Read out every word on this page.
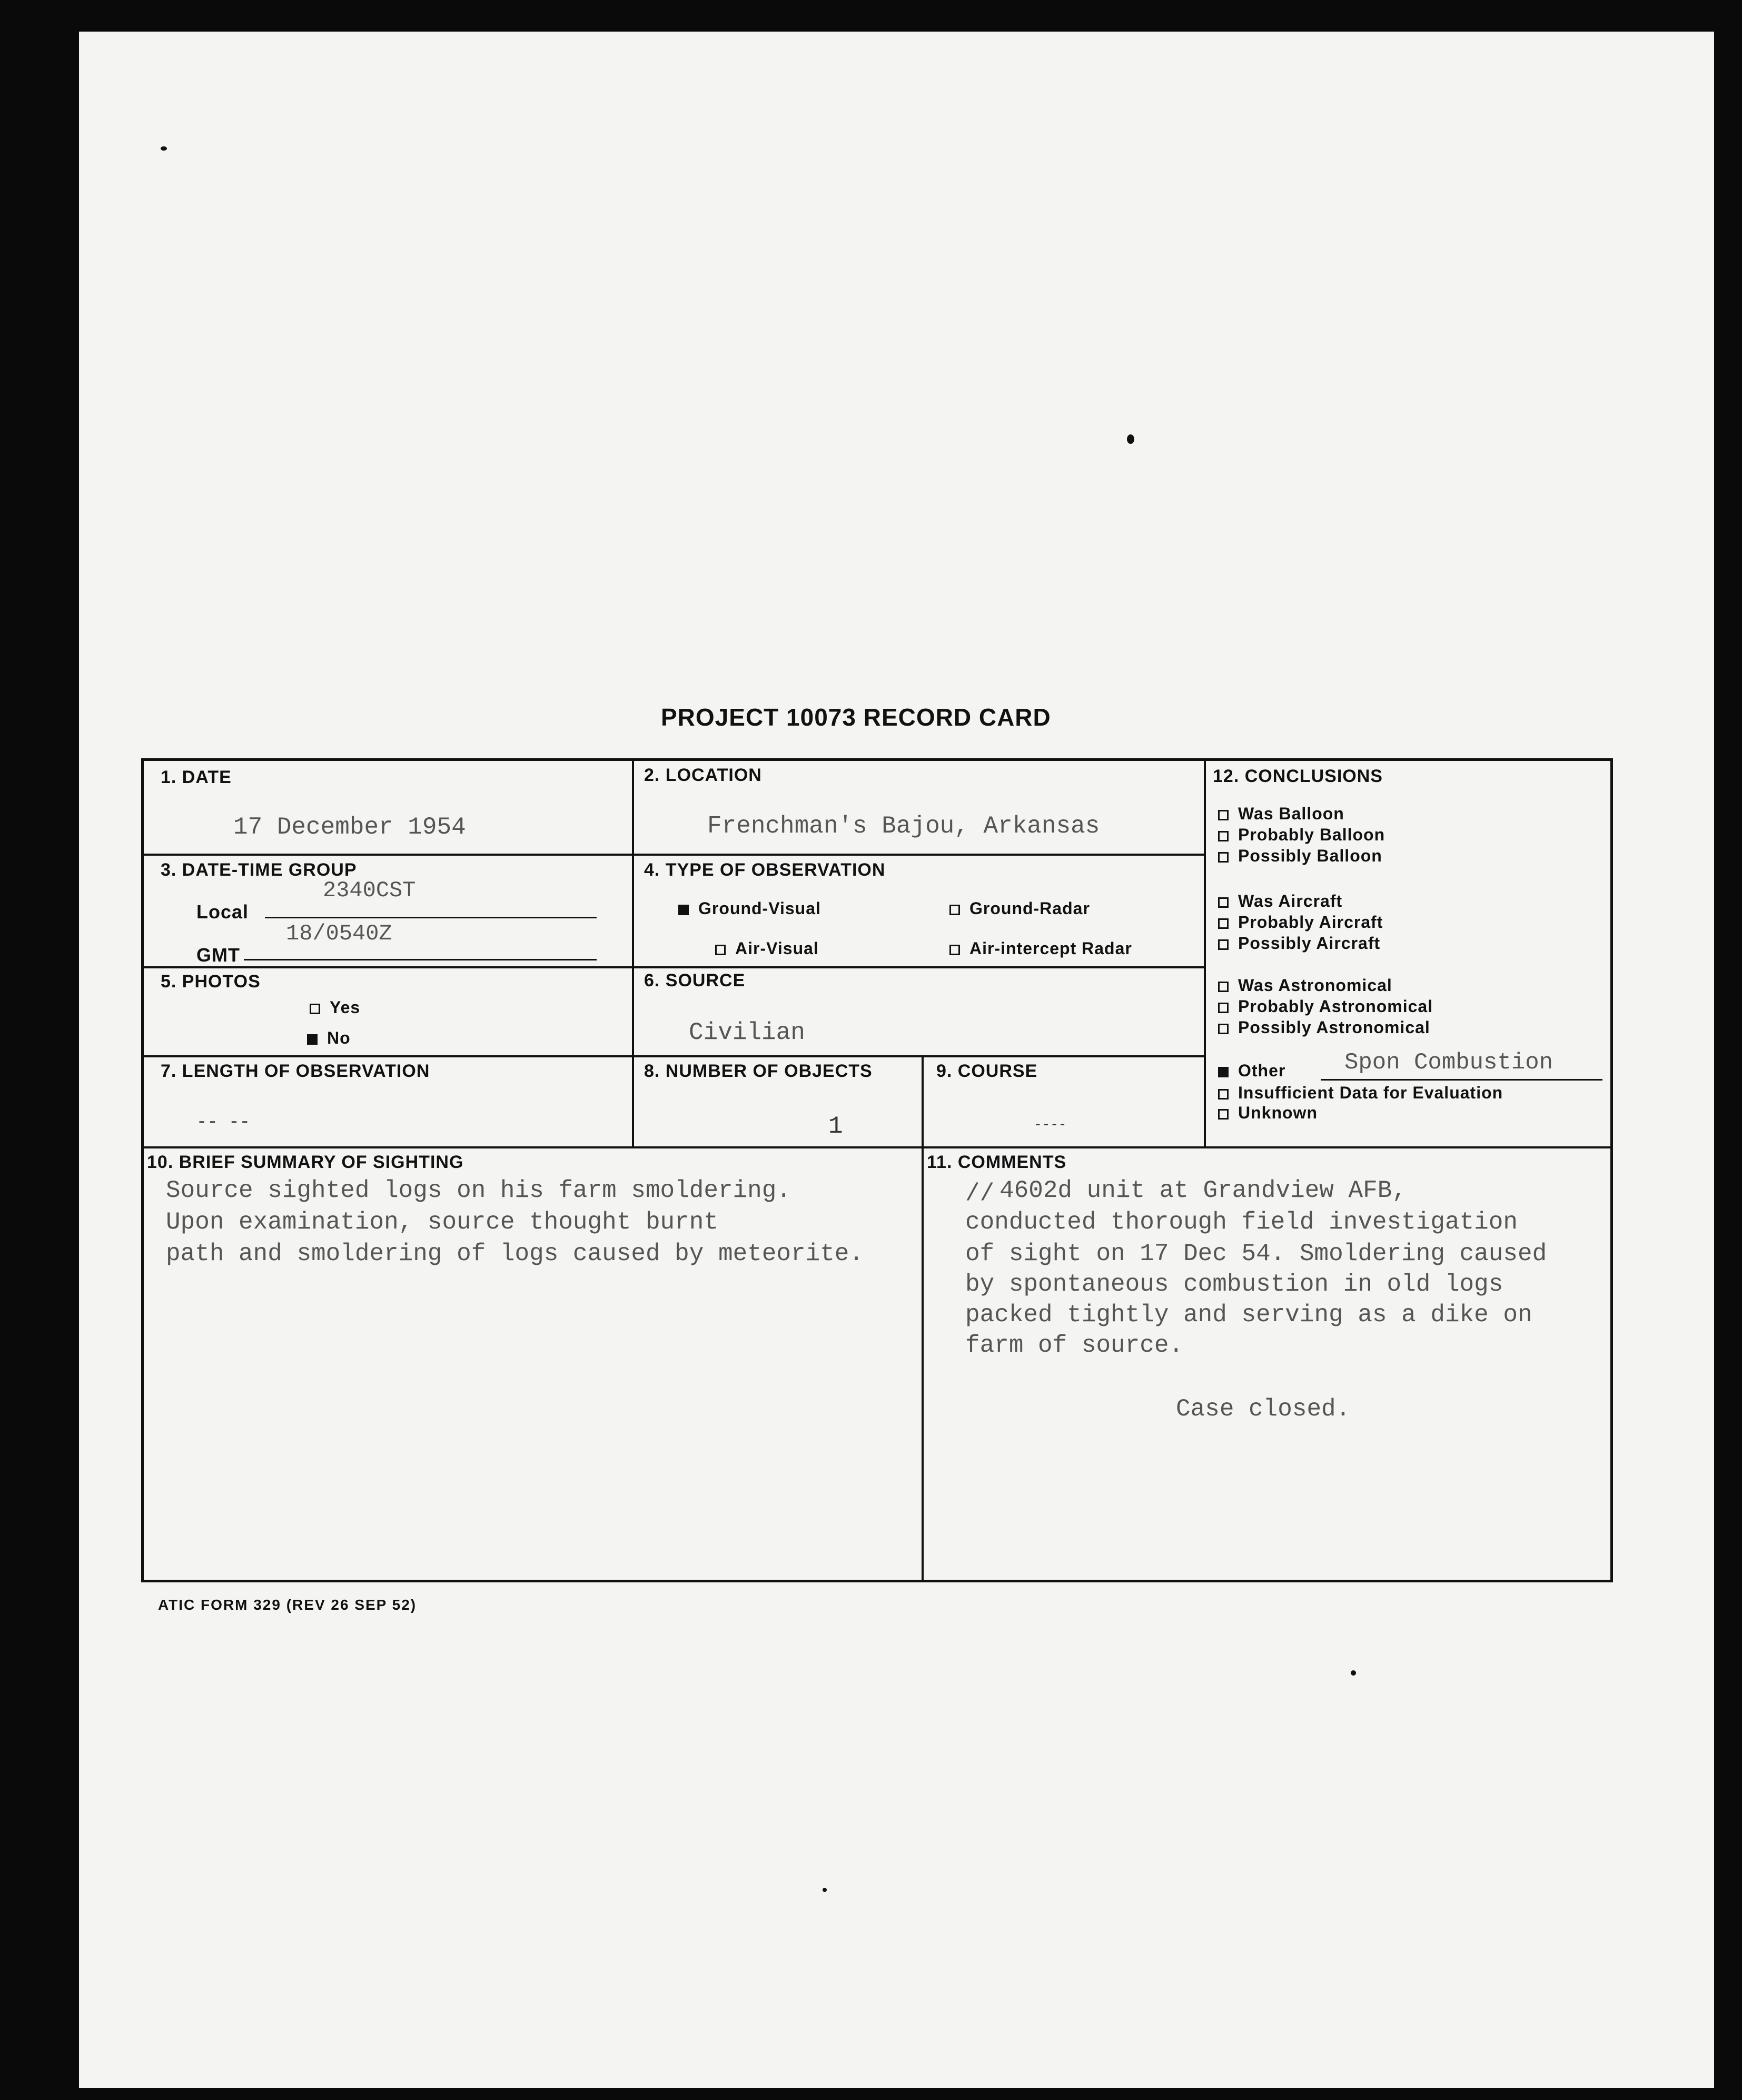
PROJECT 10073 RECORD CARD
1. DATE
17 December 1954
2. LOCATION
Frenchman's Bajou, Arkansas
3. DATE-TIME GROUP
Local
2340CST
GMT
18/0540Z
4. TYPE OF OBSERVATION
Ground-Visual	Ground-Radar
Air-Visual	Air-intercept Radar
5. PHOTOS
Yes
No
6. SOURCE
Civilian
7. LENGTH OF OBSERVATION
-- --
8. NUMBER OF OBJECTS
1
9. COURSE
----
10. BRIEF SUMMARY OF SIGHTING
Source sighted logs on his farm smoldering.
Upon examination, source thought burnt
path and smoldering of logs caused by meteorite.
11. COMMENTS
// 4602d unit at Grandview AFB,
conducted thorough field investigation
of sight on 17 Dec 54. Smoldering caused
by spontaneous combustion in old logs
packed tightly and serving as a dike on
farm of source.
Case closed.
12. CONCLUSIONS
Was Balloon
Probably Balloon
Possibly Balloon
Was Aircraft
Probably Aircraft
Possibly Aircraft
Was Astronomical
Probably Astronomical
Possibly Astronomical
Other	Spon Combustion
Insufficient Data for Evaluation
Unknown
ATIC FORM 329 (REV 26 SEP 52)
